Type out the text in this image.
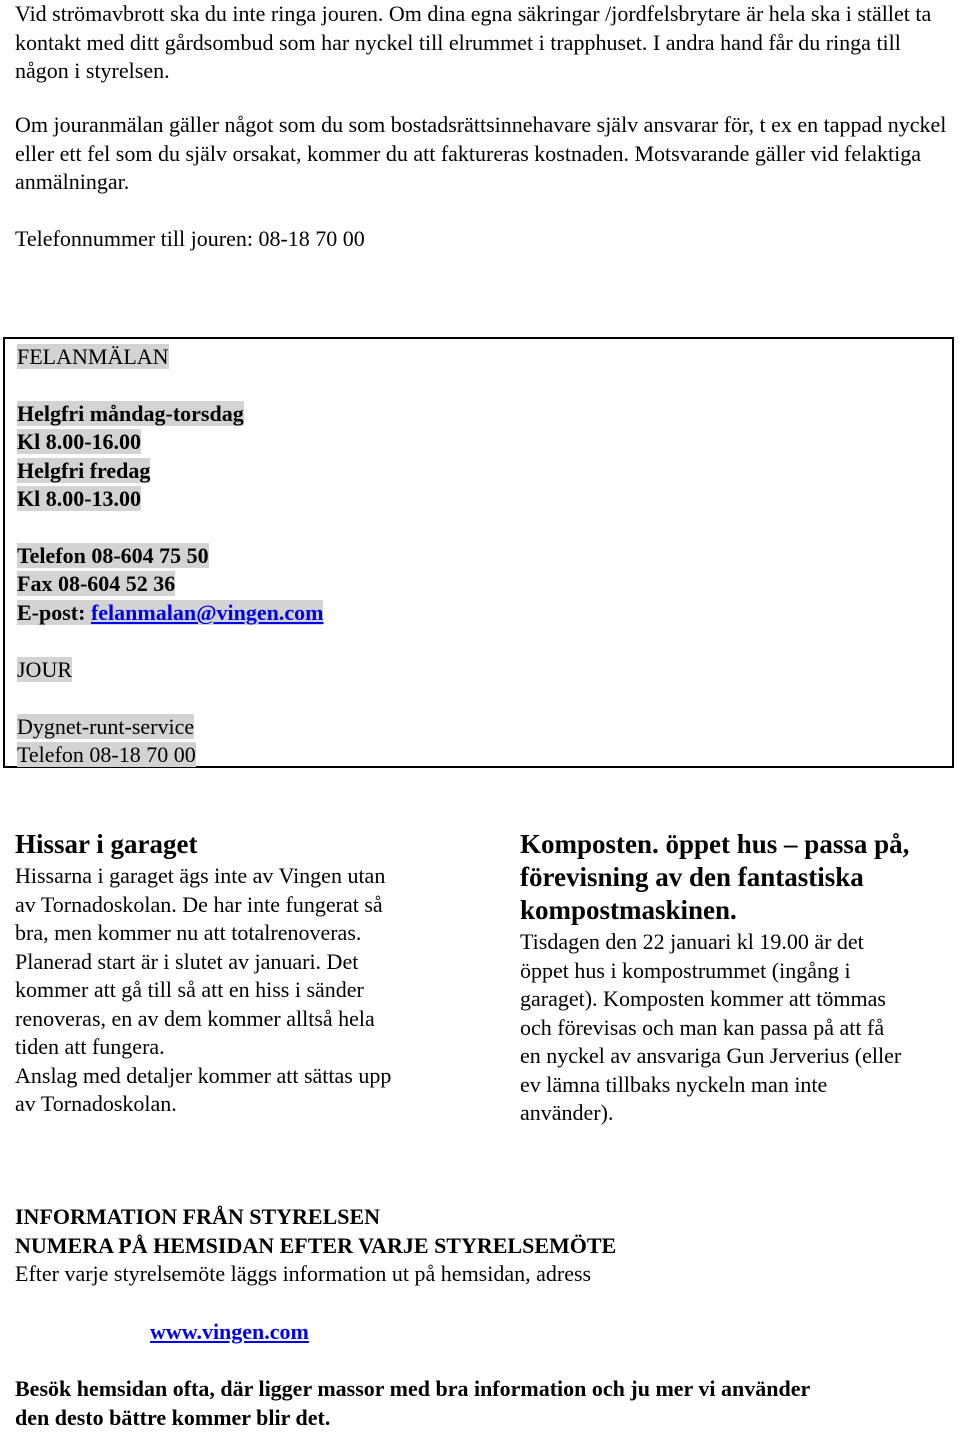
Vid strömavbrott ska du inte ringa jouren. Om dina egna säkringar /jordfelsbrytare är hela ska i stället ta kontakt med ditt gårdsombud som har nyckel till elrummet i trapphuset. I andra hand får du ringa till någon i styrelsen.

Om jouranmälan gäller något som du som bostadsrättsinnehavare själv ansvarar för, t ex en tappad nyckel eller ett fel som du själv orsakat, kommer du att faktureras kostnaden. Motsvarande gäller vid felaktiga anmälningar.

Telefonnummer till jouren: 08-18 70 00

FELANMÄLAN
Helgfri måndag-torsdag
Kl 8.00-16.00
Helgfri fredag
Kl 8.00-13.00
Telefon 08-604 75 50
Fax 08-604 52 36
E-post: felanmalan@vingen.com
JOUR
Dygnet-runt-service
Telefon 08-18 70 00
Hissar i garaget
Hissarna i garaget ägs inte av Vingen utan
av Tornadoskolan. De har inte fungerat så
bra, men kommer nu att totalrenoveras.
Planerad start är i slutet av januari. Det
kommer att gå till så att en hiss i sänder
renoveras, en av dem kommer alltså hela
tiden att fungera.
Anslag med detaljer kommer att sättas upp
av Tornadoskolan.
Komposten. öppet hus – passa på,
förevisning av den fantastiska
kompostmaskinen.
Tisdagen den 22 januari kl 19.00 är det
öppet hus i kompostrummet (ingång i
garaget). Komposten kommer att tömmas
och förevisas och man kan passa på att få
en nyckel av ansvariga Gun Jerverius (eller
ev lämna tillbaks nyckeln man inte
använder).
INFORMATION FRÅN STYRELSEN
NUMERA PÅ HEMSIDAN EFTER VARJE STYRELSEMÖTE
Efter varje styrelsemöte läggs information ut på hemsidan, adress
www.vingen.com
Besök hemsidan ofta, där ligger massor med bra information och ju mer vi använder
den desto bättre kommer blir det.
